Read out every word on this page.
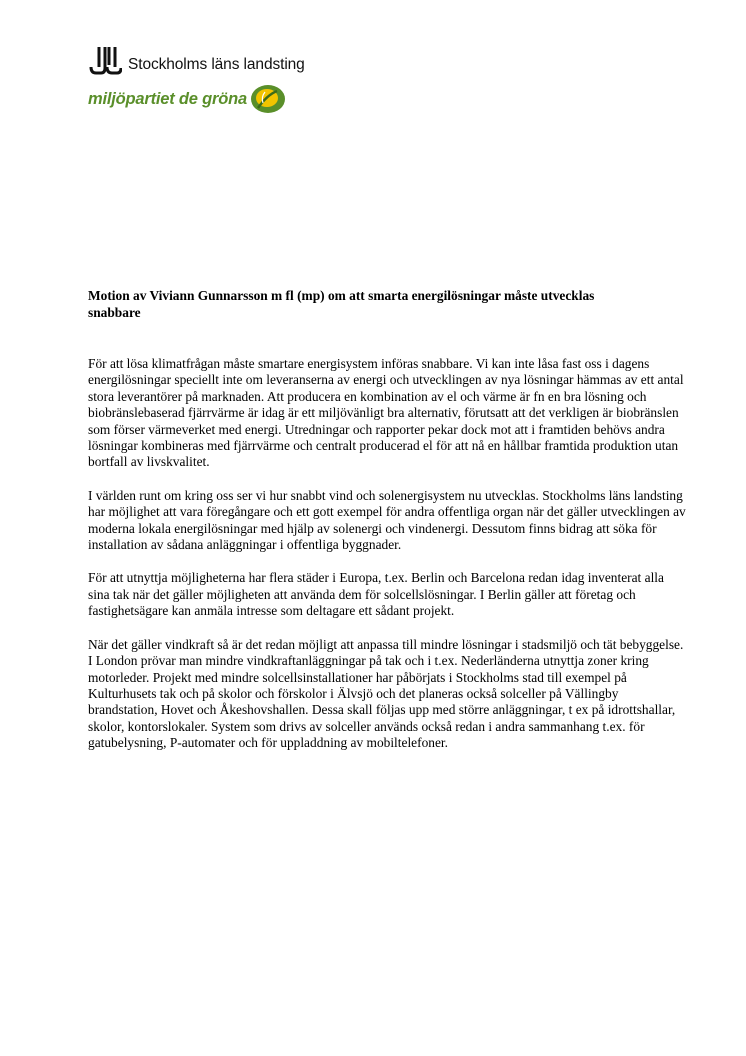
Stockholms läns landsting
miljöpartiet de gröna
Motion av Viviann Gunnarsson m fl (mp) om att smarta energilösningar måste utvecklas snabbare

För att lösa klimatfrågan måste smartare energisystem införas snabbare. Vi kan inte låsa fast oss i dagens energilösningar speciellt inte om leveranserna av energi och utvecklingen av nya lösningar hämmas av ett antal stora leverantörer på marknaden. Att producera en kombination av el och värme är fn en bra lösning och biobränslebaserad fjärrvärme är idag är ett miljövänligt bra alternativ, förutsatt att det verkligen är biobränslen som förser värmeverket med energi. Utredningar och rapporter pekar dock mot att i framtiden behövs andra lösningar kombineras med fjärrvärme och centralt producerad el för att nå en hållbar framtida produktion utan bortfall av livskvalitet.

I världen runt om kring oss ser vi hur snabbt vind och solenergisystem nu utvecklas. Stockholms läns landsting har möjlighet att vara föregångare och ett gott exempel för andra offentliga organ när det gäller utvecklingen av moderna lokala energilösningar med hjälp av solenergi och vindenergi. Dessutom finns bidrag att söka för installation av sådana anläggningar i offentliga byggnader.

För att utnyttja möjligheterna har flera städer i Europa, t.ex. Berlin och Barcelona redan idag inventerat alla sina tak när det gäller möjligheten att använda dem för solcellslösningar. I Berlin gäller att företag och fastighetsägare kan anmäla intresse som deltagare ett sådant projekt.

När det gäller vindkraft så är det redan möjligt att anpassa till mindre lösningar i stadsmiljö och tät bebyggelse. I London prövar man mindre vindkraftanläggningar på tak och i t.ex. Nederländerna utnyttja zoner kring motorleder. Projekt med mindre solcellsinstallationer har påbörjats i Stockholms stad till exempel på Kulturhusets tak och på skolor och förskolor i Älvsjö och det planeras också solceller på Vällingby brandstation, Hovet och Åkeshovshallen. Dessa skall följas upp med större anläggningar, t ex på idrottshallar, skolor, kontorslokaler. System som drivs av solceller används också redan i andra sammanhang t.ex. för gatubelysning, P-automater och för uppladdning av mobiltelefoner.
